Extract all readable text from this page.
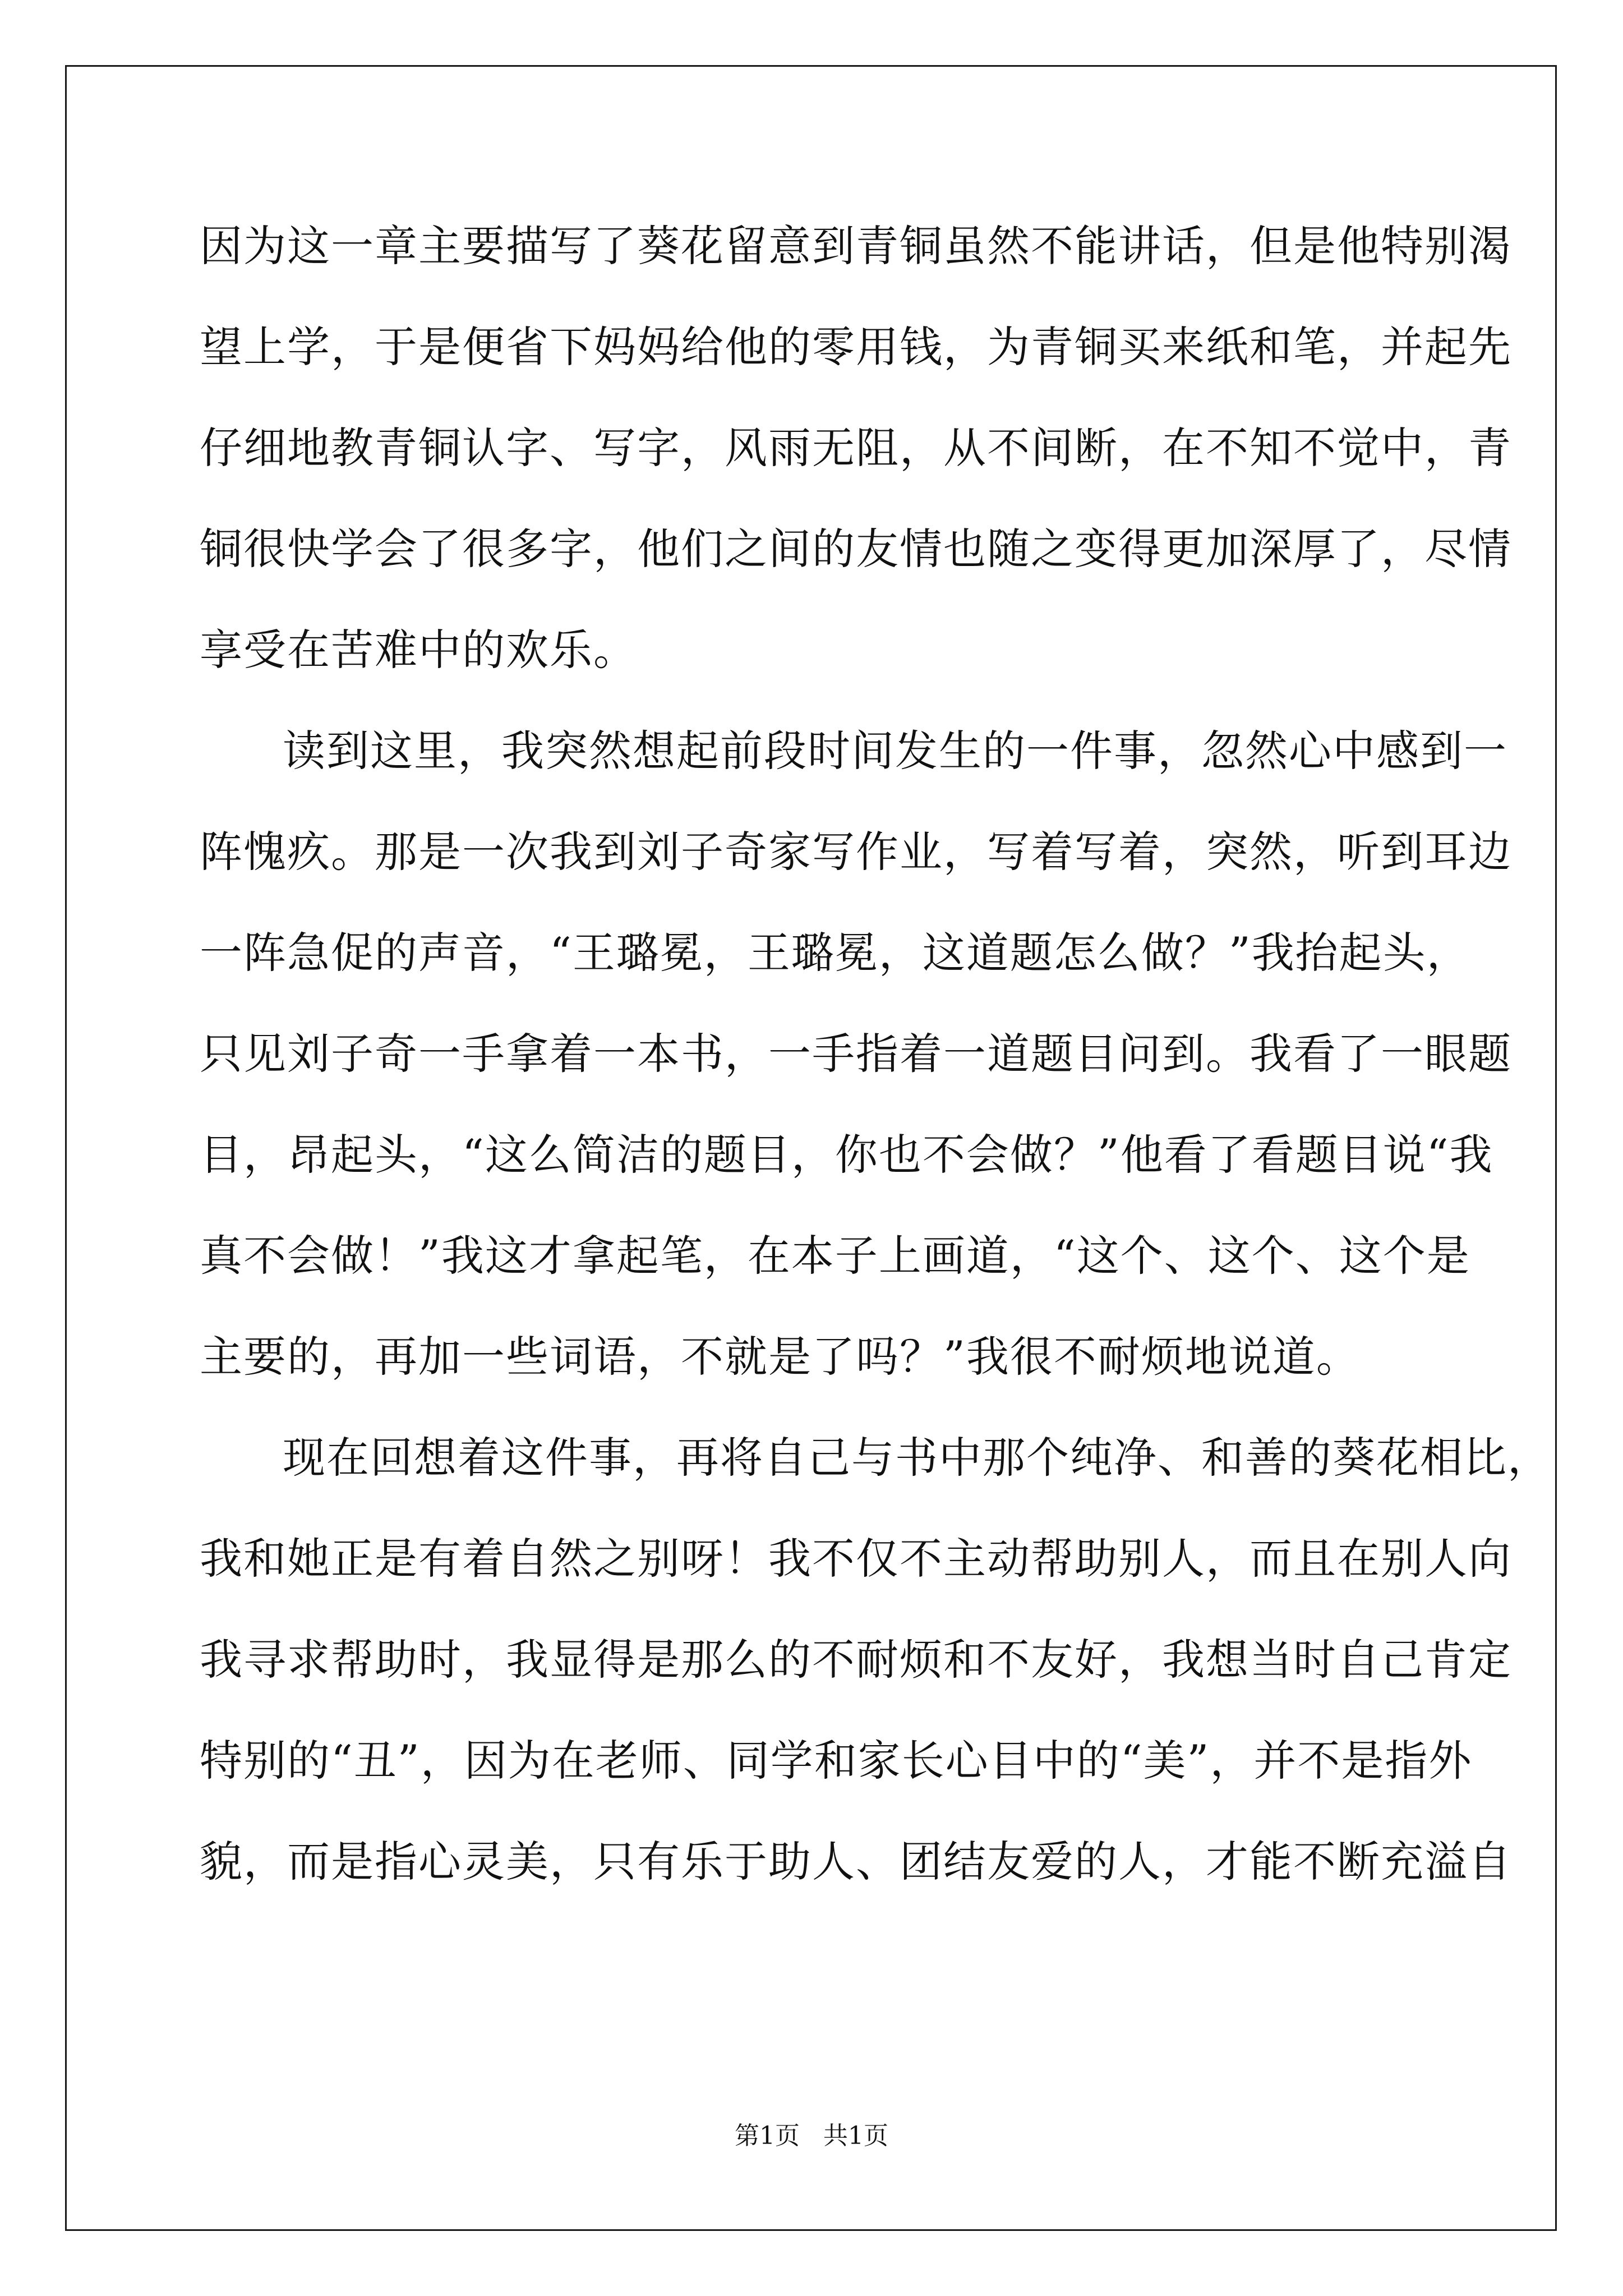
因为这一章主要描写了葵花留意到青铜虽然不能讲话，但是他特别渴
望上学，于是便省下妈妈给他的零用钱，为青铜买来纸和笔，并起先
仔细地教青铜认字、写字，风雨无阻，从不间断，在不知不觉中，青
铜很快学会了很多字，他们之间的友情也随之变得更加深厚了，尽情
享受在苦难中的欢乐。
读到这里，我突然想起前段时间发生的一件事，忽然心中感到一
阵愧疚。那是一次我到刘子奇家写作业，写着写着，突然，听到耳边
一阵急促的声音，“王璐冕，王璐冕，这道题怎么做？”我抬起头，
只见刘子奇一手拿着一本书，一手指着一道题目问到。我看了一眼题
目，昂起头，“这么简洁的题目，你也不会做？”他看了看题目说“我
真不会做！”我这才拿起笔，在本子上画道，“这个、这个、这个是
主要的，再加一些词语，不就是了吗？”我很不耐烦地说道。
现在回想着这件事，再将自己与书中那个纯净、和善的葵花相比，
我和她正是有着自然之别呀！我不仅不主动帮助别人，而且在别人向
我寻求帮助时，我显得是那么的不耐烦和不友好，我想当时自己肯定
特别的“丑”，因为在老师、同学和家长心目中的“美”，并不是指外
貌，而是指心灵美，只有乐于助人、团结友爱的人，才能不断充溢自
第1页   共1页
